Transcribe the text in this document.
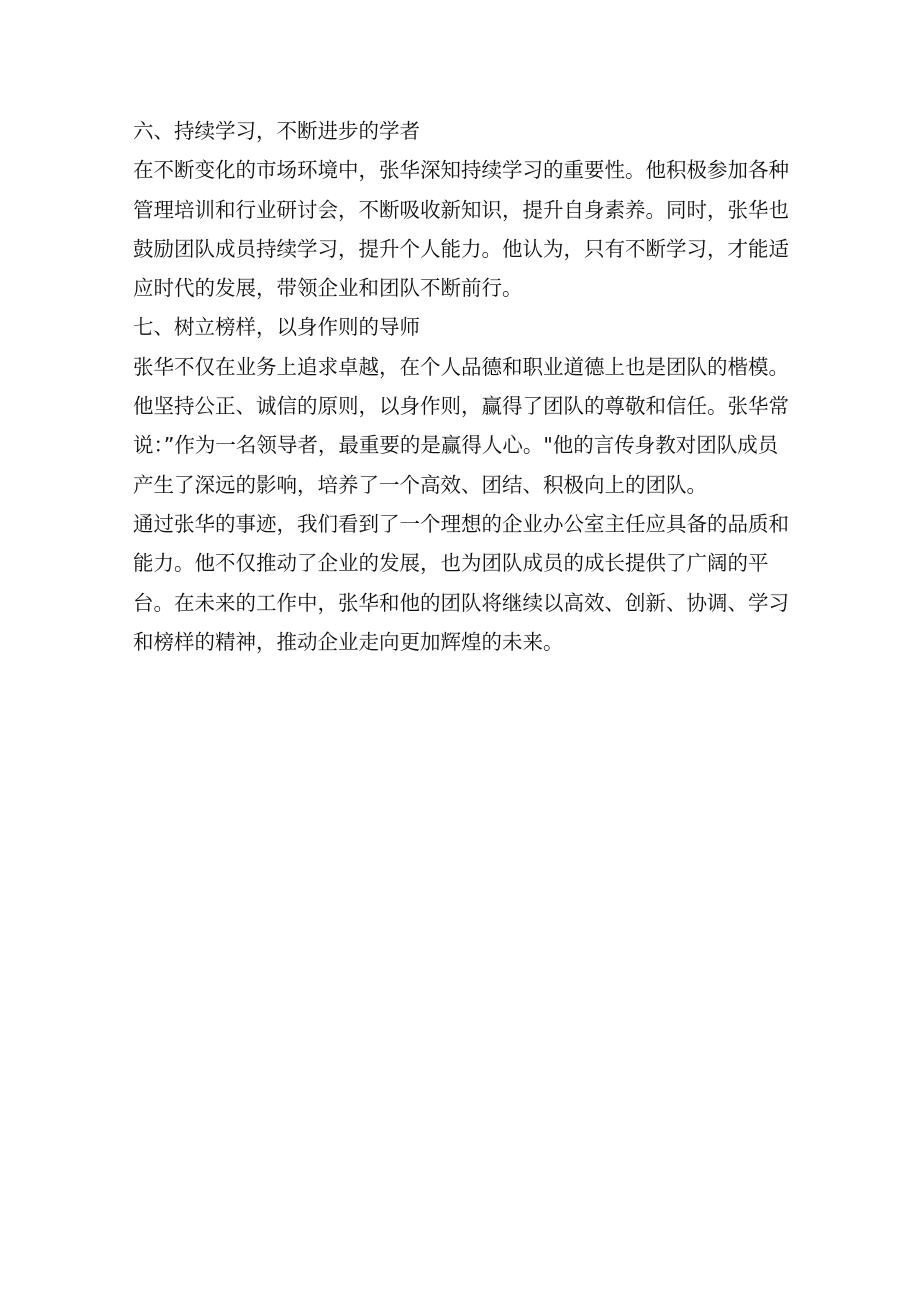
六、持续学习，不断进步的学者

在不断变化的市场环境中，张华深知持续学习的重要性。他积极参加各种管理培训和行业研讨会，不断吸收新知识，提升自身素养。同时，张华也鼓励团队成员持续学习，提升个人能力。他认为，只有不断学习，才能适应时代的发展，带领企业和团队不断前行。

七、树立榜样，以身作则的导师

张华不仅在业务上追求卓越，在个人品德和职业道德上也是团队的楷模。他坚持公正、诚信的原则，以身作则，赢得了团队的尊敬和信任。张华常说：”作为一名领导者，最重要的是赢得人心。"他的言传身教对团队成员产生了深远的影响，培养了一个高效、团结、积极向上的团队。

通过张华的事迹，我们看到了一个理想的企业办公室主任应具备的品质和能力。他不仅推动了企业的发展，也为团队成员的成长提供了广阔的平台。在未来的工作中，张华和他的团队将继续以高效、创新、协调、学习和榜样的精神，推动企业走向更加辉煌的未来。
